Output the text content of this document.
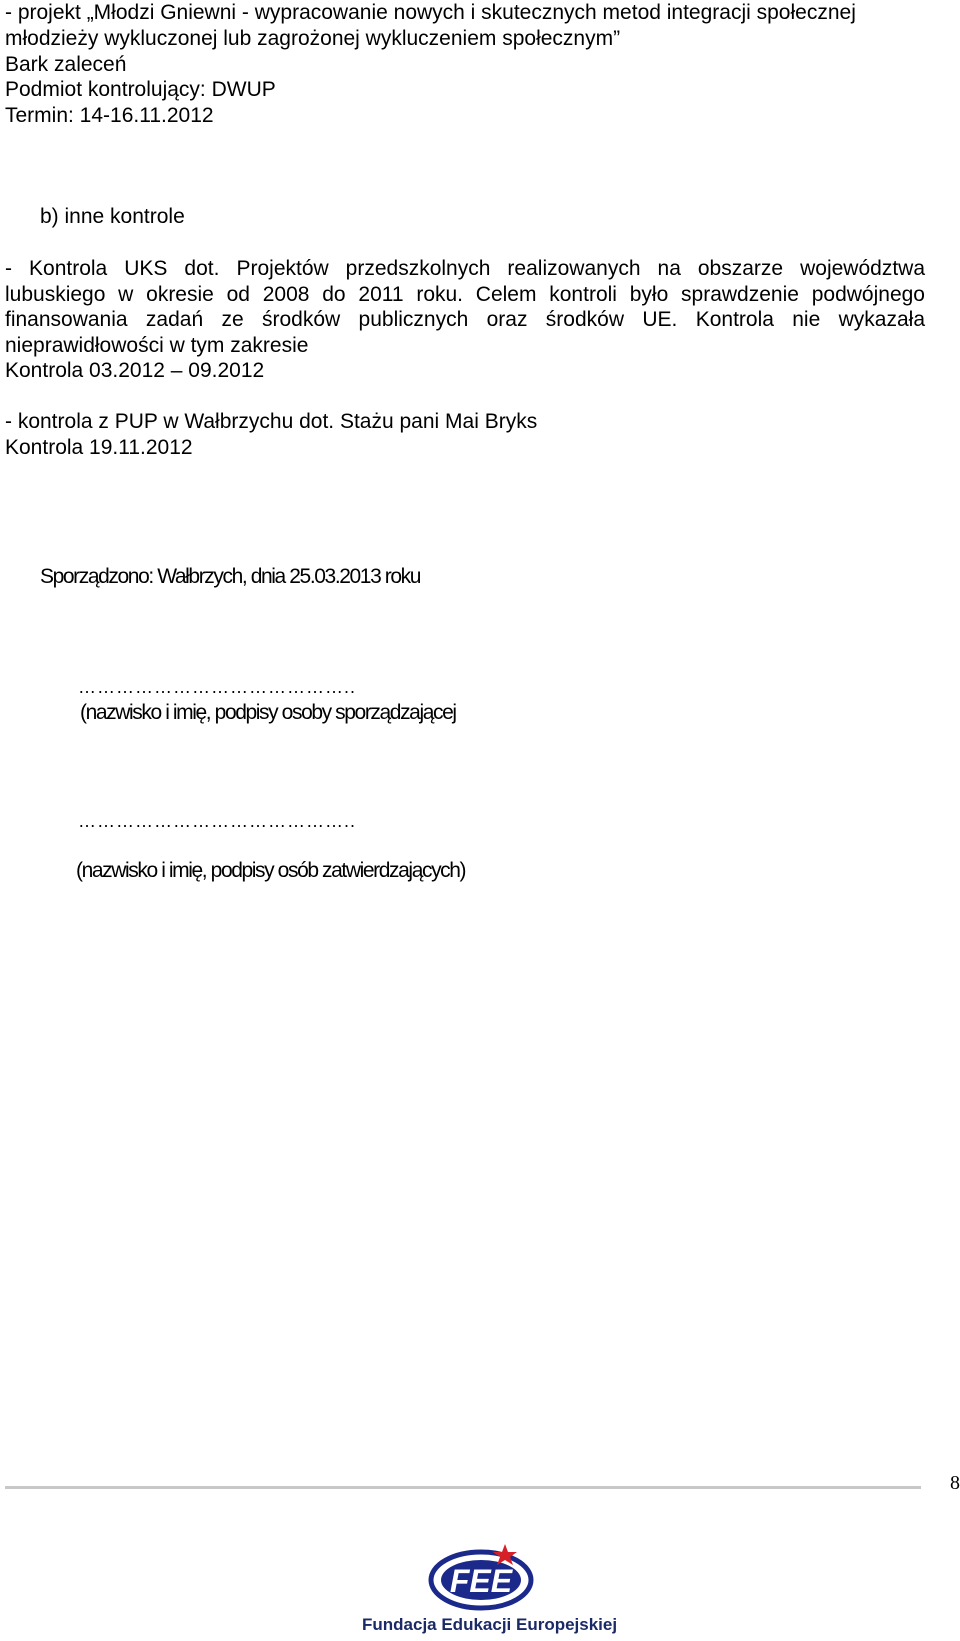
- projekt „Młodzi Gniewni - wypracowanie nowych i skutecznych metod integracji społecznej
młodzieży wykluczonej lub zagrożonej wykluczeniem społecznym”
Bark zaleceń
Podmiot kontrolujący: DWUP
Termin: 14-16.11.2012
b) inne kontrole
- Kontrola UKS dot. Projektów przedszkolnych realizowanych na obszarze województwa
lubuskiego w okresie od 2008 do 2011 roku. Celem kontroli było sprawdzenie podwójnego
finansowania zadań ze środków publicznych oraz środków UE. Kontrola nie wykazała
nieprawidłowości w tym zakresie
Kontrola 03.2012 – 09.2012
- kontrola z PUP w Wałbrzychu dot. Stażu pani Mai Bryks
Kontrola 19.11.2012
Sporządzono: Wałbrzych, dnia 25.03.2013 roku
……………………………………..
(nazwisko i imię, podpisy osoby sporządzającej
……………………………………..
(nazwisko i imię, podpisy osób zatwierdzających)
8
FEE
Fundacja Edukacji Europejskiej
